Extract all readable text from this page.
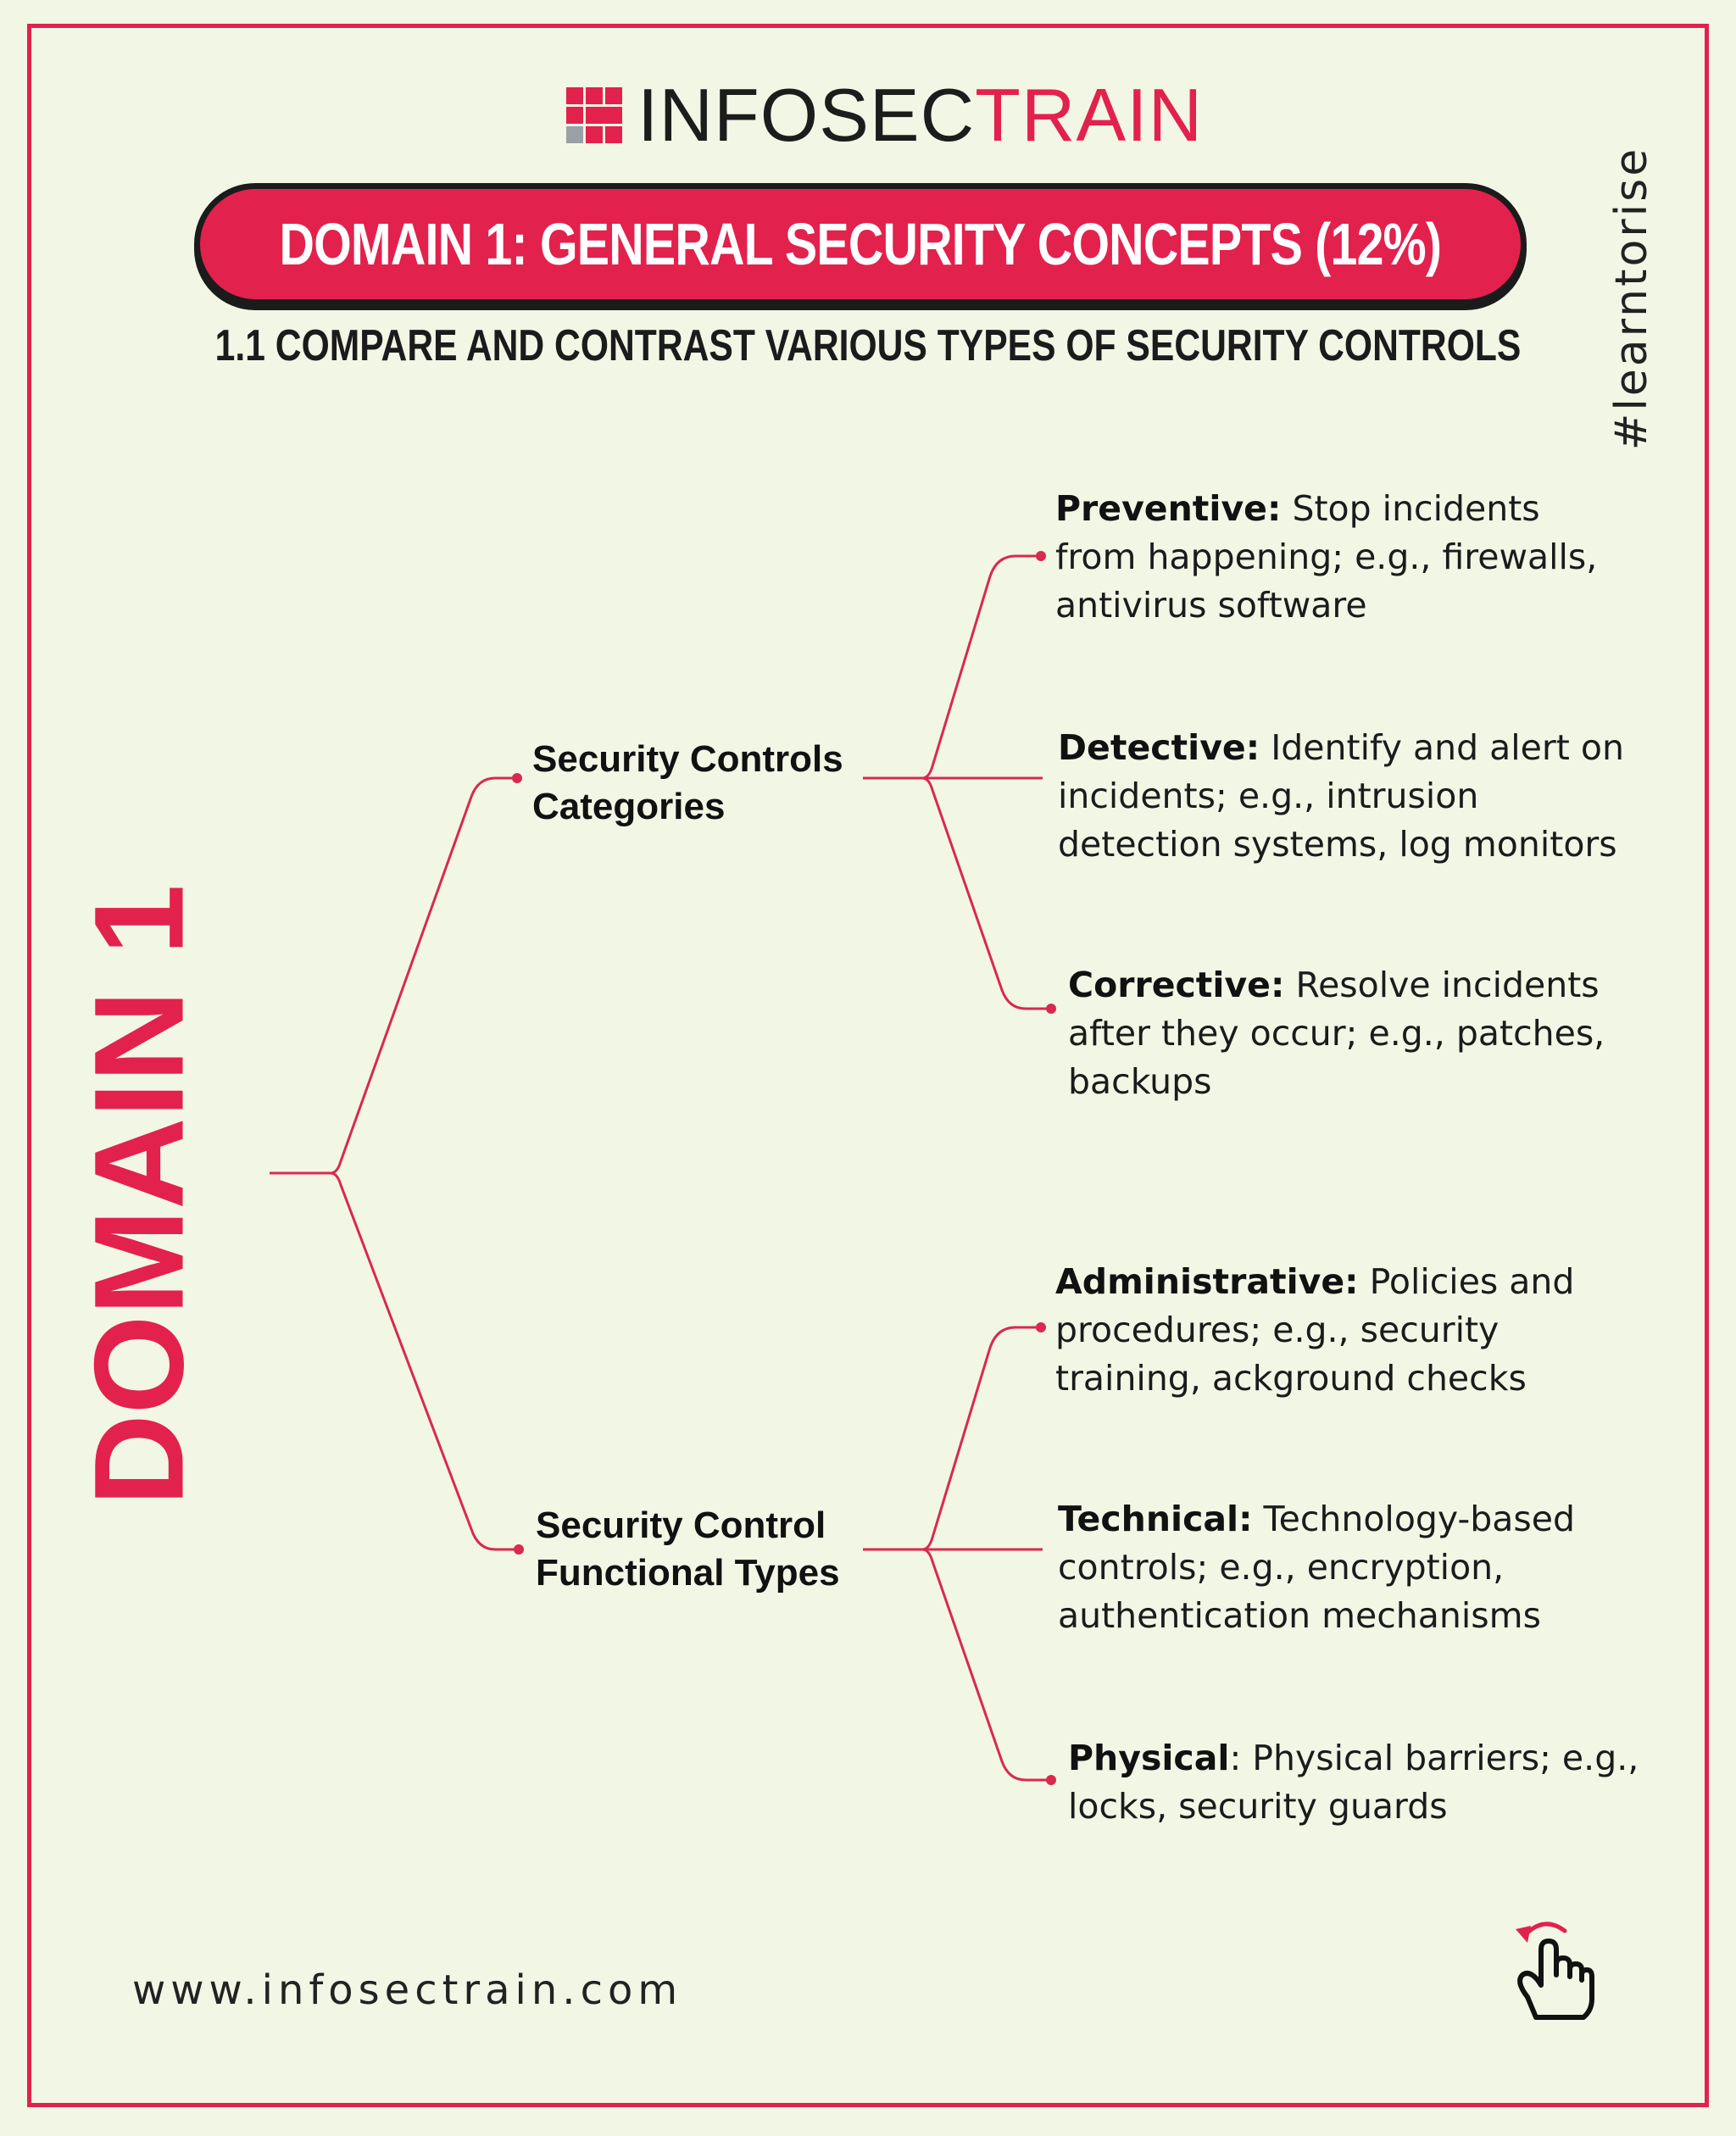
INFOSECTRAIN
DOMAIN 1: GENERAL SECURITY CONCEPTS (12%)
1.1 COMPARE AND CONTRAST VARIOUS TYPES OF SECURITY CONTROLS	#learntorise
DOMAIN 1
Security Controls
Categories
Security Control
Functional Types
Preventive: Stop incidents from happening; e.g., firewalls, antivirus software
Detective: Identify and alert on incidents; e.g., intrusion detection systems, log monitors
Corrective: Resolve incidents after they occur; e.g., patches, backups
Administrative: Policies and procedures; e.g., security training, ackground checks
Technical: Technology-based controls; e.g., encryption, authentication mechanisms
Physical: Physical barriers; e.g., locks, security guards
www.infosectrain.com
